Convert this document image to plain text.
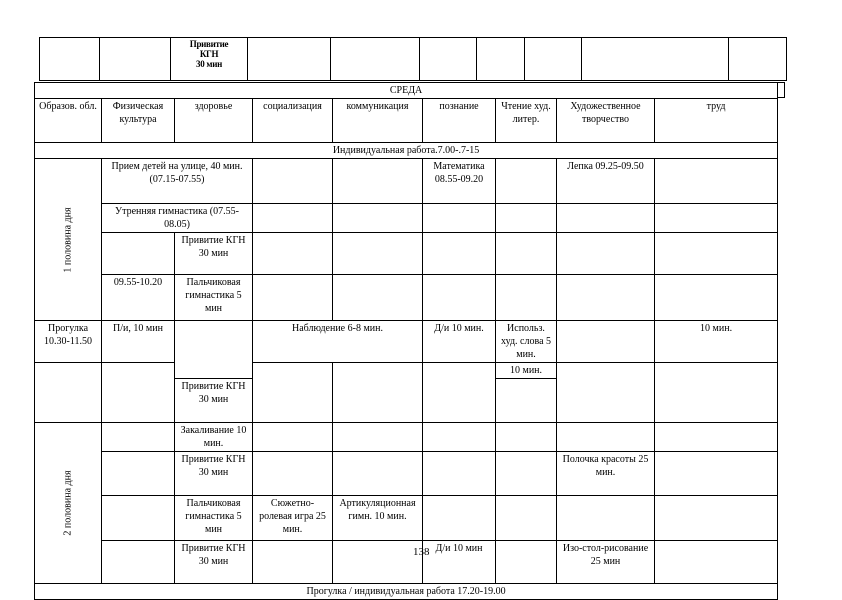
Привитие
КГН
30 мин

СРЕДА								
Образов. обл.	Физическая культура	здоровье	социализация	коммуникация	познание	Чтение худ. литер.	Художественное творчество	труд
Индивидуальная работа.7.00-.7-15								

1 половина дня	Прием детей на улице, 40 мин. (07.15-07.55)				Математика 08.55-09.20		Лепка 09.25-09.50	
	Утренняя гимнастика (07.55-08.05)							
		Привитие КГН 30 мин						
	09.55-10.20	Пальчиковая гимнастика 5 мин						
Прогулка 10.30-11.50	П/и, 10 мин		Наблюдение 6-8 мин.		Д/и 10 мин.	Использ. худ. слова 5 мин.		10 мин.
						10 мин.		
		Привитие КГН 30 мин						

2 половина дня		Закаливание 10 мин.						
		Привитие КГН 30 мин					Полочка красоты 25 мин.	
		Пальчиковая гимнастика 5 мин	Сюжетно-ролевая игра 25 мин.	Артикуляционная гимн. 10 мин.				
		Привитие КГН 30 мин			Д/и 10 мин		Изо-стол-рисование 25 мин	
Прогулка / индивидуальная работа 17.20-19.00								
138
